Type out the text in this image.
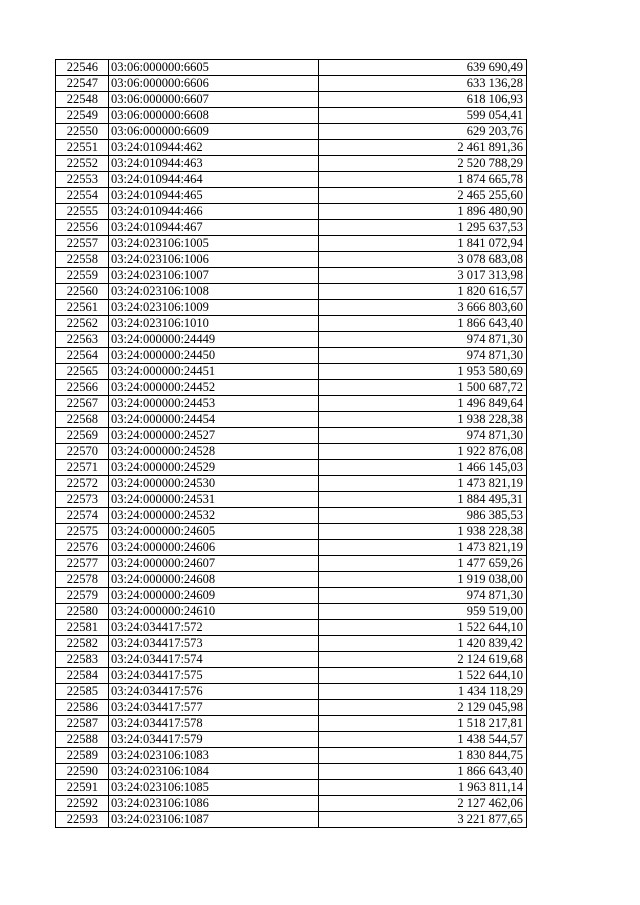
22546	03:06:000000:6605	639 690,49
22547	03:06:000000:6606	633 136,28
22548	03:06:000000:6607	618 106,93
22549	03:06:000000:6608	599 054,41
22550	03:06:000000:6609	629 203,76
22551	03:24:010944:462	2 461 891,36
22552	03:24:010944:463	2 520 788,29
22553	03:24:010944:464	1 874 665,78
22554	03:24:010944:465	2 465 255,60
22555	03:24:010944:466	1 896 480,90
22556	03:24:010944:467	1 295 637,53
22557	03:24:023106:1005	1 841 072,94
22558	03:24:023106:1006	3 078 683,08
22559	03:24:023106:1007	3 017 313,98
22560	03:24:023106:1008	1 820 616,57
22561	03:24:023106:1009	3 666 803,60
22562	03:24:023106:1010	1 866 643,40
22563	03:24:000000:24449	974 871,30
22564	03:24:000000:24450	974 871,30
22565	03:24:000000:24451	1 953 580,69
22566	03:24:000000:24452	1 500 687,72
22567	03:24:000000:24453	1 496 849,64
22568	03:24:000000:24454	1 938 228,38
22569	03:24:000000:24527	974 871,30
22570	03:24:000000:24528	1 922 876,08
22571	03:24:000000:24529	1 466 145,03
22572	03:24:000000:24530	1 473 821,19
22573	03:24:000000:24531	1 884 495,31
22574	03:24:000000:24532	986 385,53
22575	03:24:000000:24605	1 938 228,38
22576	03:24:000000:24606	1 473 821,19
22577	03:24:000000:24607	1 477 659,26
22578	03:24:000000:24608	1 919 038,00
22579	03:24:000000:24609	974 871,30
22580	03:24:000000:24610	959 519,00
22581	03:24:034417:572	1 522 644,10
22582	03:24:034417:573	1 420 839,42
22583	03:24:034417:574	2 124 619,68
22584	03:24:034417:575	1 522 644,10
22585	03:24:034417:576	1 434 118,29
22586	03:24:034417:577	2 129 045,98
22587	03:24:034417:578	1 518 217,81
22588	03:24:034417:579	1 438 544,57
22589	03:24:023106:1083	1 830 844,75
22590	03:24:023106:1084	1 866 643,40
22591	03:24:023106:1085	1 963 811,14
22592	03:24:023106:1086	2 127 462,06
22593	03:24:023106:1087	3 221 877,65
